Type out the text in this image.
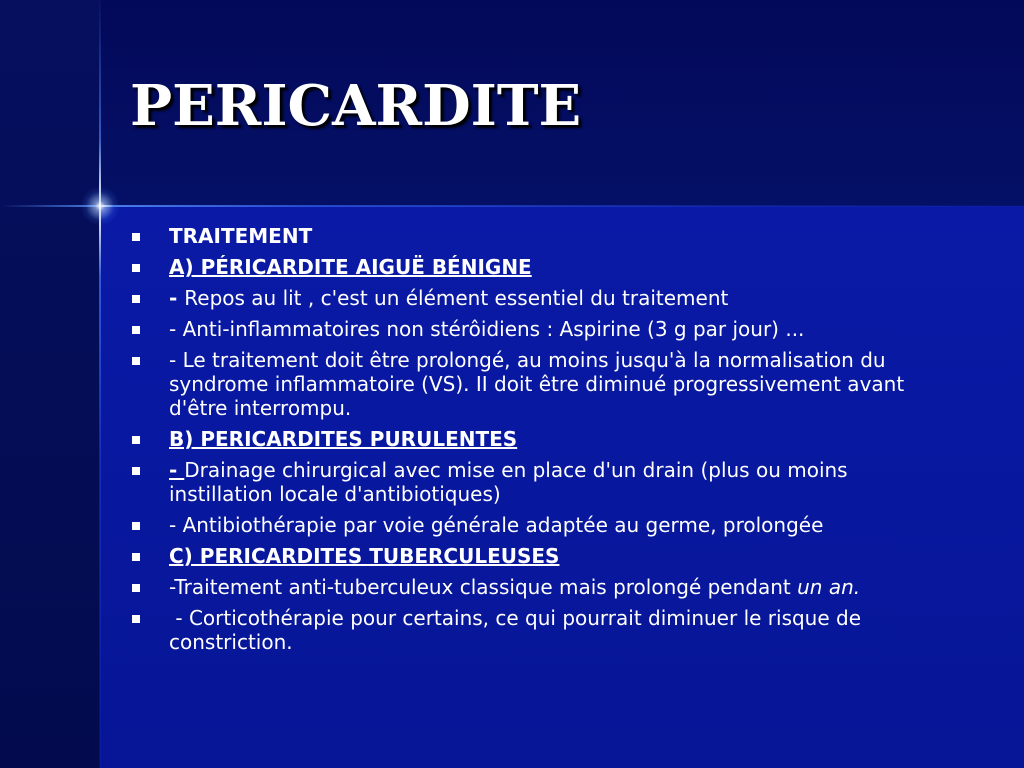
PERICARDITE
TRAITEMENT
A) PÉRICARDITE AIGUË BÉNIGNE
- Repos au lit , c'est un élément essentiel du traitement
- Anti-inflammatoires non stérôidiens : Aspirine (3 g par jour) ...
- Le traitement doit être prolongé, au moins jusqu'à la normalisation du syndrome inflammatoire (VS). II doit être diminué progressivement avant d'être interrompu.
B) PERICARDITES PURULENTES
- Drainage chirurgical avec mise en place d'un drain (plus ou moins instillation locale d'antibiotiques)
- Antibiothérapie par voie générale adaptée au germe, prolongée
C) PERICARDITES TUBERCULEUSES
-Traitement anti-tuberculeux classique mais prolongé pendant un an.
- Corticothérapie pour certains, ce qui pourrait diminuer le risque de constriction.
